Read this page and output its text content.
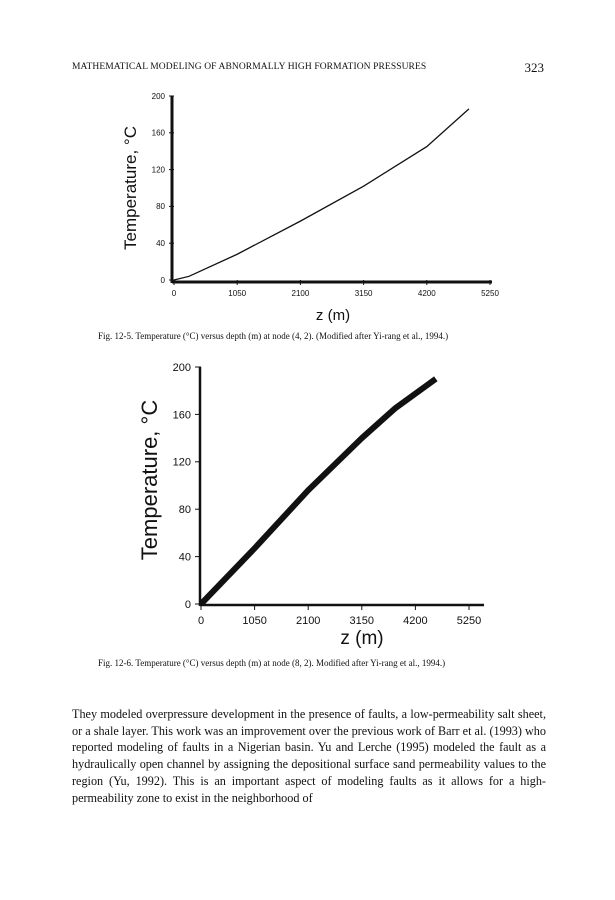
MATHEMATICAL MODELING OF ABNORMALLY HIGH FORMATION PRESSURES	323
0
40
80
120
160
200
0	1050	2100	3150	4200	5250
Temperature, °C
z (m)
Fig. 12-5. Temperature (°C) versus depth (m) at node (4, 2). (Modified after Yi-rang et al., 1994.)
0
40
80
120
160
200
0	1050	2100	3150	4200	5250
Temperature, °C
z (m)
Fig. 12-6. Temperature (°C) versus depth (m) at node (8, 2). Modified after Yi-rang et al., 1994.)

They modeled overpressure development in the presence of faults, a low-permeability salt sheet, or a shale layer. This work was an improvement over the previous work of Barr et al. (1993) who reported modeling of faults in a Nigerian basin. Yu and Lerche (1995) modeled the fault as a hydraulically open channel by assigning the depositional surface sand permeability values to the region (Yu, 1992). This is an important aspect of modeling faults as it allows for a high-permeability zone to exist in the neighborhood of
